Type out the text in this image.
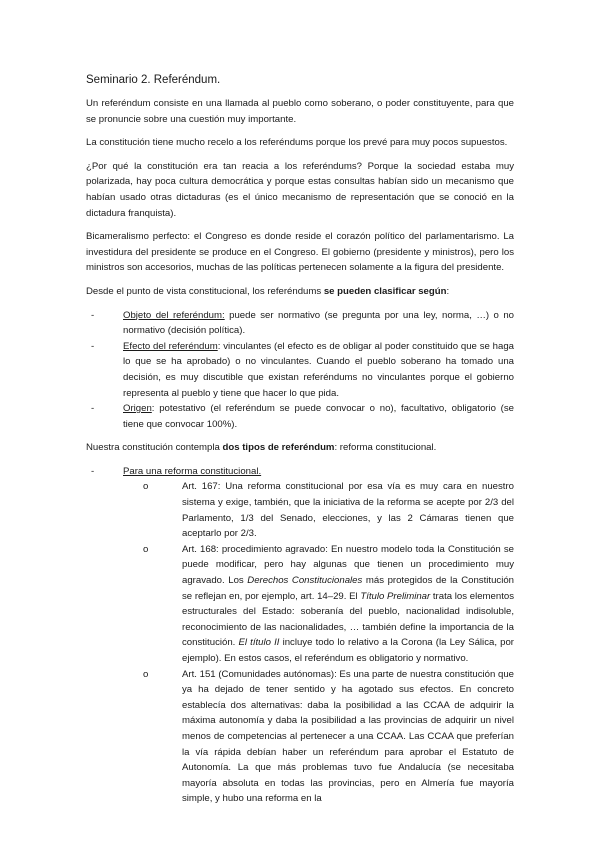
Seminario 2. Referéndum.

Un referéndum consiste en una llamada al pueblo como soberano, o poder constituyente, para que se pronuncie sobre una cuestión muy importante.

La constitución tiene mucho recelo a los referéndums porque los prevé para muy pocos supuestos.

¿Por qué la constitución era tan reacia a los referéndums? Porque la sociedad estaba muy polarizada, hay poca cultura democrática y porque estas consultas habían sido un mecanismo que habían usado otras dictaduras (es el único mecanismo de representación que se conoció en la dictadura franquista).

Bicameralismo perfecto: el Congreso es donde reside el corazón político del parlamentarismo. La investidura del presidente se produce en el Congreso. El gobierno (presidente y ministros), pero los ministros son accesorios, muchas de las políticas pertenecen solamente a la figura del presidente.

Desde el punto de vista constitucional, los referéndums se pueden clasificar según:

-	Objeto del referéndum: puede ser normativo (se pregunta por una ley, norma, …) o no normativo (decisión política).
-	Efecto del referéndum: vinculantes (el efecto es de obligar al poder constituido que se haga lo que se ha aprobado) o no vinculantes. Cuando el pueblo soberano ha tomado una decisión, es muy discutible que existan referéndums no vinculantes porque el gobierno representa al pueblo y tiene que hacer lo que pida.
-	Origen: potestativo (el referéndum se puede convocar o no), facultativo, obligatorio (se tiene que convocar 100%).

Nuestra constitución contempla dos tipos de referéndum: reforma constitucional.

-	Para una reforma constitucional.
o	Art. 167: Una reforma constitucional por esa vía es muy cara en nuestro sistema y exige, también, que la iniciativa de la reforma se acepte por 2/3 del Parlamento, 1/3 del Senado, elecciones, y las 2 Cámaras tienen que aceptarlo por 2/3.
o	Art. 168: procedimiento agravado: En nuestro modelo toda la Constitución se puede modificar, pero hay algunas que tienen un procedimiento muy agravado. Los Derechos Constitucionales más protegidos de la Constitución se reflejan en, por ejemplo, art. 14–29. El Título Preliminar trata los elementos estructurales del Estado: soberanía del pueblo, nacionalidad indisoluble, reconocimiento de las nacionalidades, … también define la importancia de la constitución. El título II incluye todo lo relativo a la Corona (la Ley Sálica, por ejemplo). En estos casos, el referéndum es obligatorio y normativo.
o	Art. 151 (Comunidades autónomas): Es una parte de nuestra constitución que ya ha dejado de tener sentido y ha agotado sus efectos. En concreto establecía dos alternativas: daba la posibilidad a las CCAA de adquirir la máxima autonomía y daba la posibilidad a las provincias de adquirir un nivel menos de competencias al pertenecer a una CCAA. Las CCAA que preferían la vía rápida debían haber un referéndum para aprobar el Estatuto de Autonomía. La que más problemas tuvo fue Andalucía (se necesitaba mayoría absoluta en todas las provincias, pero en Almería fue mayoría simple, y hubo una reforma en la
